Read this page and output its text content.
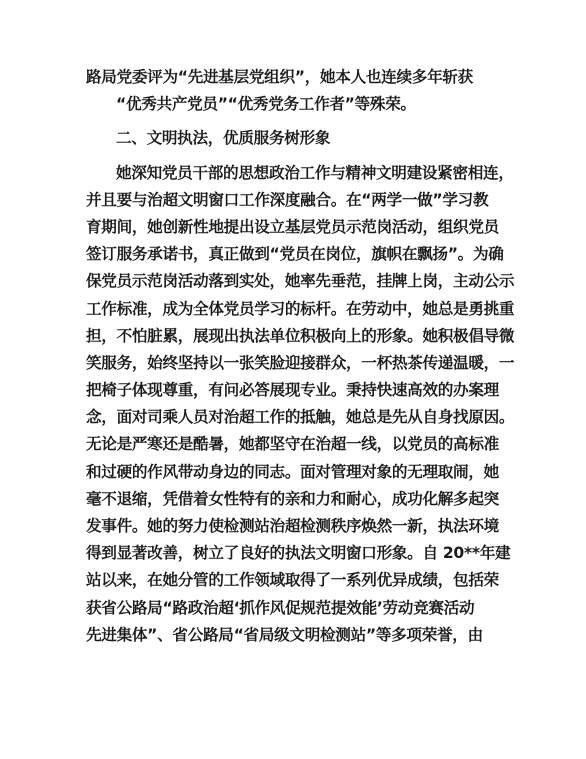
路局党委评为“先进基层党组织”，她本人也连续多年斩获
“优秀共产党员”“优秀党务工作者”等殊荣。
二、文明执法，优质服务树形象
她深知党员干部的思想政治工作与精神文明建设紧密相连，
并且要与治超文明窗口工作深度融合。在“两学一做”学习教
育期间，她创新性地提出设立基层党员示范岗活动，组织党员
签订服务承诺书，真正做到“党员在岗位，旗帜在飘扬”。为确
保党员示范岗活动落到实处，她率先垂范，挂牌上岗，主动公示
工作标准，成为全体党员学习的标杆。在劳动中，她总是勇挑重
担，不怕脏累，展现出执法单位积极向上的形象。她积极倡导微
笑服务，始终坚持以一张笑脸迎接群众，一杯热茶传递温暖，一
把椅子体现尊重，有问必答展现专业。秉持快速高效的办案理
念，面对司乘人员对治超工作的抵触，她总是先从自身找原因。
无论是严寒还是酷暑，她都坚守在治超一线，以党员的高标准
和过硬的作风带动身边的同志。面对管理对象的无理取闹，她
毫不退缩，凭借着女性特有的亲和力和耐心，成功化解多起突
发事件。她的努力使检测站治超检测秩序焕然一新，执法环境
得到显著改善，树立了良好的执法文明窗口形象。自 20**年建
站以来，在她分管的工作领域取得了一系列优异成绩，包括荣
获省公路局“路政治超‘抓作风促规范提效能’劳动竞赛活动
先进集体”、省公路局“省局级文明检测站”等多项荣誉，由
